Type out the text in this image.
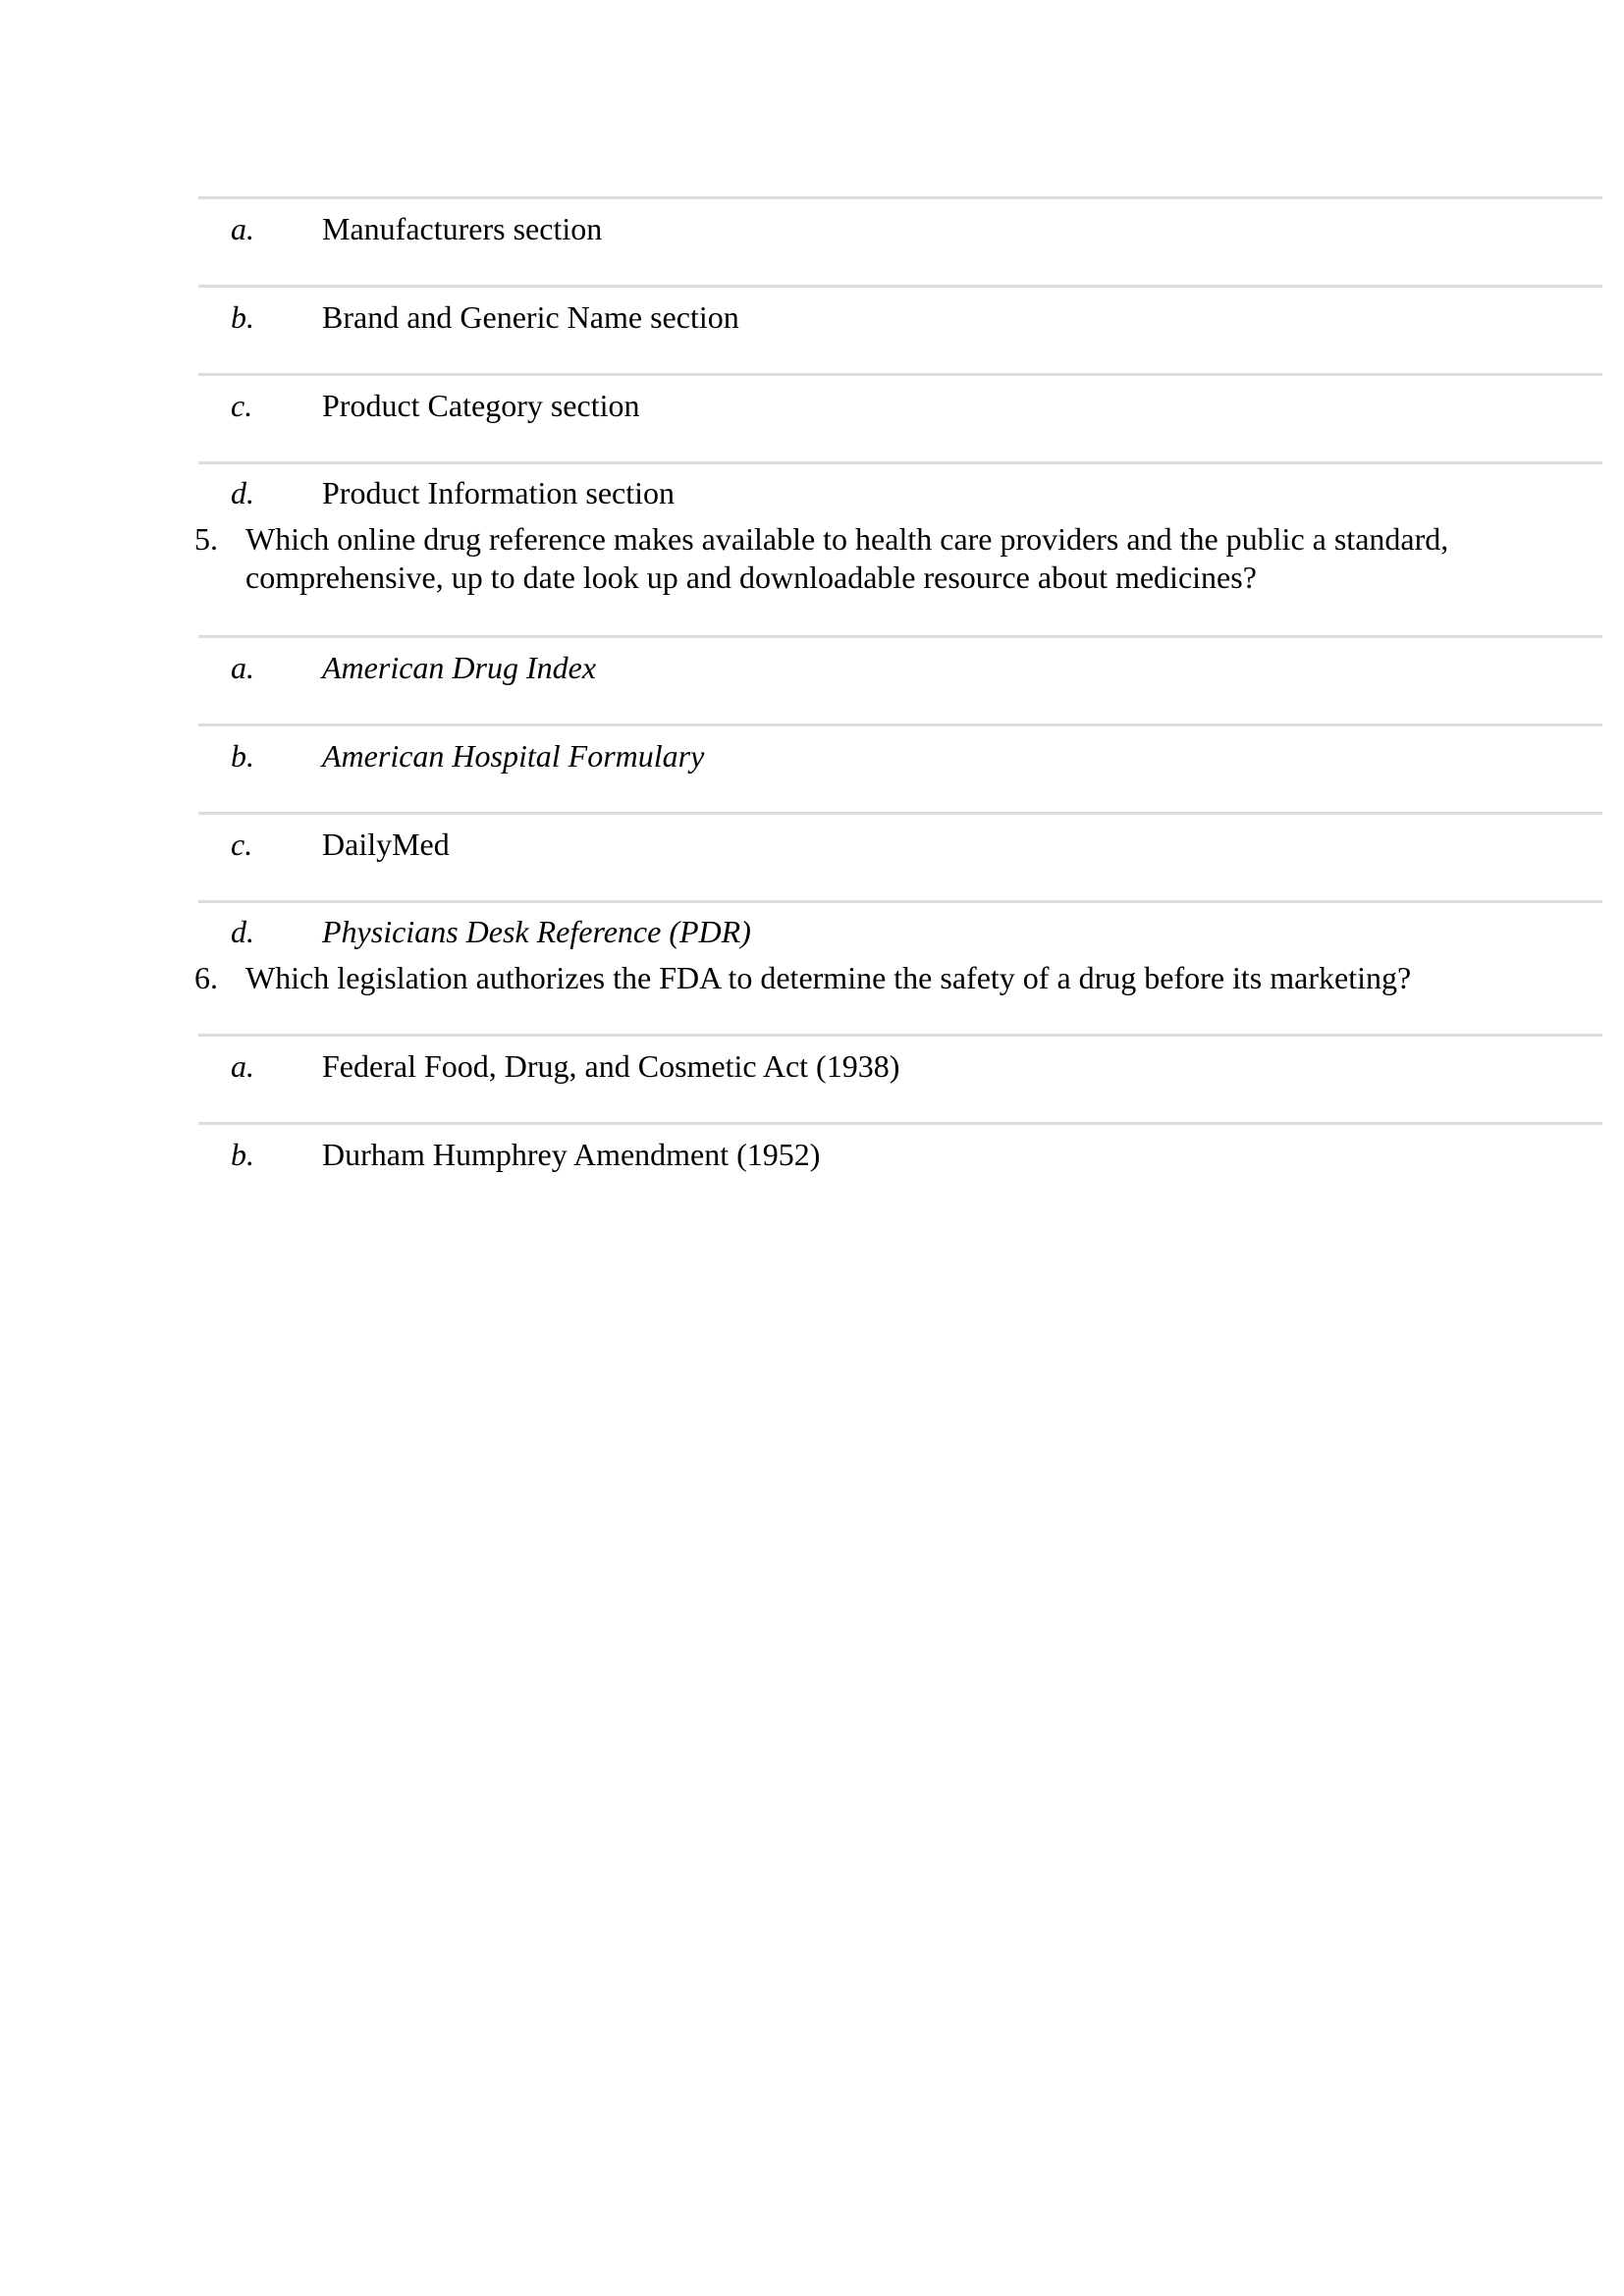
a. Manufacturers section
b. Brand and Generic Name section
c. Product Category section
d. Product Information section
5. Which online drug reference makes available to health care providers and the public a standard, comprehensive, up to date look up and downloadable resource about medicines?
a. American Drug Index
b. American Hospital Formulary
c. DailyMed
d. Physicians Desk Reference (PDR)
6. Which legislation authorizes the FDA to determine the safety of a drug before its marketing?
a. Federal Food, Drug, and Cosmetic Act (1938)
b. Durham Humphrey Amendment (1952)
